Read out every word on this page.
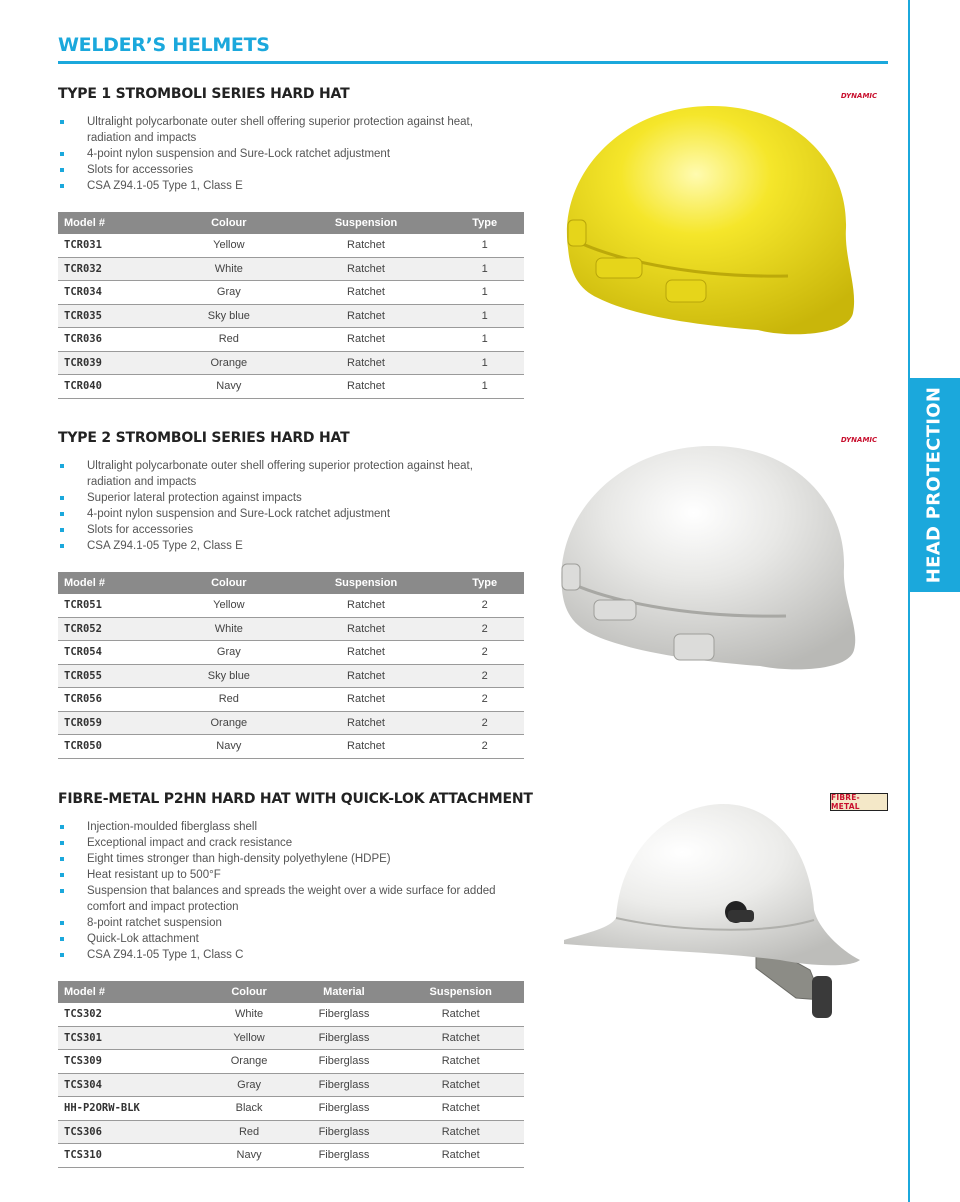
WELDER’S HELMETS
HEAD PROTECTION
TYPE 1 STROMBOLI SERIES HARD HAT
Ultralight polycarbonate outer shell offering superior protection against heat, radiation and impacts
4-point nylon suspension and Sure-Lock ratchet adjustment
Slots for accessories
CSA Z94.1-05 Type 1, Class E
Model #	Colour	Suspension	Type
TCR031	Yellow	Ratchet	1
TCR032	White	Ratchet	1
TCR034	Gray	Ratchet	1
TCR035	Sky blue	Ratchet	1
TCR036	Red	Ratchet	1
TCR039	Orange	Ratchet	1
TCR040	Navy	Ratchet	1
DYNAMIC
TYPE 2 STROMBOLI SERIES HARD HAT
Ultralight polycarbonate outer shell offering superior protection against heat, radiation and impacts
Superior lateral protection against impacts
4-point nylon suspension and Sure-Lock ratchet adjustment
Slots for accessories
CSA Z94.1-05 Type 2, Class E
Model #	Colour	Suspension	Type
TCR051	Yellow	Ratchet	2
TCR052	White	Ratchet	2
TCR054	Gray	Ratchet	2
TCR055	Sky blue	Ratchet	2
TCR056	Red	Ratchet	2
TCR059	Orange	Ratchet	2
TCR050	Navy	Ratchet	2
DYNAMIC
FIBRE-METAL P2HN HARD HAT WITH QUICK-LOK ATTACHMENT
Injection-moulded fiberglass shell
Exceptional impact and crack resistance
Eight times stronger than high-density polyethylene (HDPE)
Heat resistant up to 500°F
Suspension that balances and spreads the weight over a wide surface for added comfort and impact protection
8-point ratchet suspension
Quick-Lok attachment
CSA Z94.1-05 Type 1, Class C
Model #	Colour	Material	Suspension
TCS302	White	Fiberglass	Ratchet
TCS301	Yellow	Fiberglass	Ratchet
TCS309	Orange	Fiberglass	Ratchet
TCS304	Gray	Fiberglass	Ratchet
HH-P2ORW-BLK	Black	Fiberglass	Ratchet
TCS306	Red	Fiberglass	Ratchet
TCS310	Navy	Fiberglass	Ratchet
FIBRE-METAL
